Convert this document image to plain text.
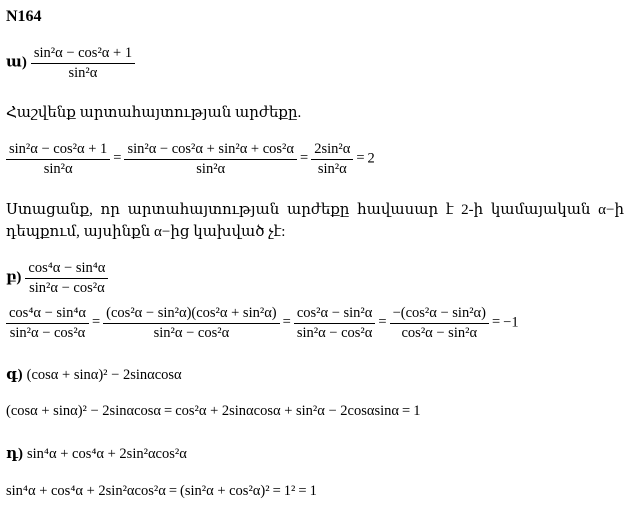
N164
ա) $\frac{\text{sin²α − cos²α + 1}}{\text{sin²α}}$
Հաշվենք արտահայտության արժեքը.
$\frac{\text{sin²α − cos²α + 1}}{\text{sin²α}} = \frac{\text{sin²α − cos²α + sin²α + cos²α}}{\text{sin²α}} = \frac{\text{2sin²α}}{\text{sin²α}} = 2$
Ստացանք, որ արտահայտության արժեքը հավասար է 2-ի կամայական α−ի
դեպքում, այսինքն α−ից կախված չէ:
բ) $\frac{\text{cos⁴α − sin⁴α}}{\text{sin²α − cos²α}}$
$\frac{\text{cos⁴α − sin⁴α}}{\text{sin²α − cos²α}} = \frac{\text{(cos²α − sin²α)(cos²α + sin²α)}}{\text{sin²α − cos²α}} = \frac{\text{cos²α − sin²α}}{\text{sin²α − cos²α}} = \frac{\text{−(cos²α − sin²α)}}{\text{cos²α − sin²α}} = -1$
գ) (cosα + sinα)² − 2sinαcosα
(cosα + sinα)² − 2sinαcosα = cos²α + 2sinαcosα + sin²α − 2cosαsinα = 1
դ) sin⁴α + cos⁴α + 2sin²αcos²α
sin⁴α + cos⁴α + 2sin²αcos²α = (sin²α + cos²α)² = 1² = 1
